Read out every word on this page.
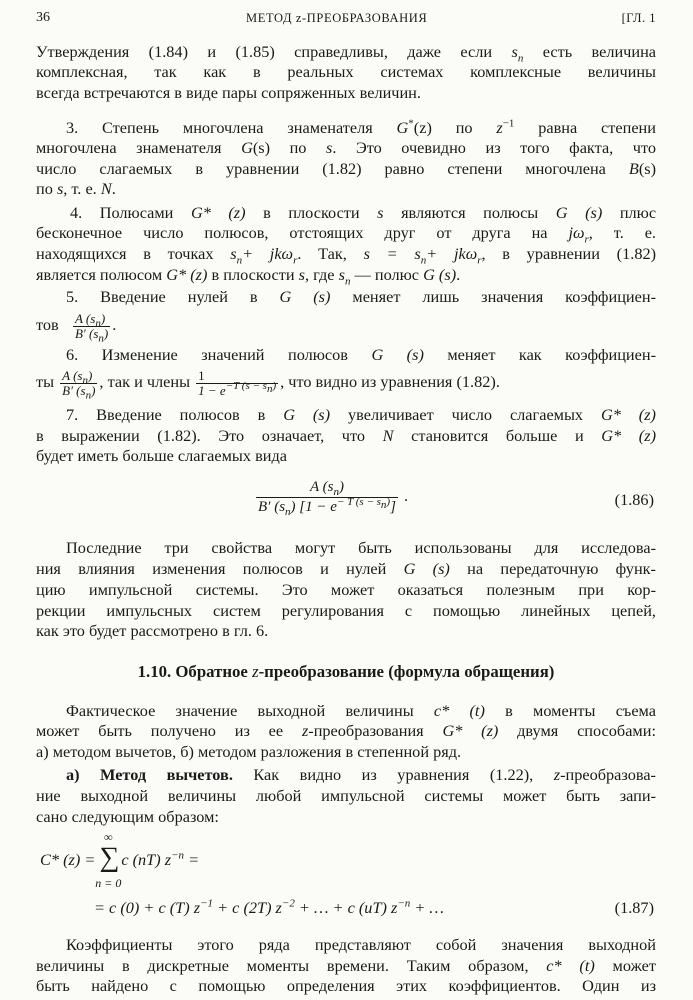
36	МЕТОД z-ПРЕОБРАЗОВАНИЯ	[ГЛ. 1
Утверждения (1.84) и (1.85) справедливы, даже если $s_n$ есть величина
комплексная, так как в реальных системах комплексные величины
всегда встречаются в виде пары сопряженных величин.
3. Степень многочлена знаменателя G*(z) по $z^{-1}$ равна степени
многочлена знаменателя G(s) по s. Это очевидно из того факта, что
число слагаемых в уравнении (1.82) равно степени многочлена B(s)
по s, т. е. N.
4. Полюсами G* (z) в плоскости s являются полюсы G (s) плюс
бесконечное число полюсов, отстоящих друг от друга на $j\omega_r$, т. е.
находящихся в точках $s_n+ jk\omega_r$. Так, $s = s_n+ jk\omega_r$, в уравнении (1.82)
является полюсом G* (z) в плоскости s, где $s_n$ — полюс G (s).
5. Введение нулей в G (s) меняет лишь значения коэффициен-
тов $\frac{A (s_n)}{B' (s_n)}$ .
6. Изменение значений полюсов G (s) меняет как коэффициен-
ты $\frac{A (s_n)}{B' (s_n)}$ , так и члены $\frac{1}{1 - e^{-T (s - s_n)}}$ , что видно из уравнения (1.82).
7. Введение полюсов в G (s) увеличивает число слагаемых G* (z)
в выражении (1.82). Это означает, что N становится больше и G* (z)
будет иметь больше слагаемых вида
$\frac{A (s_n)}{B' (s_n) [1 - e^{- T (s - s_n)}]}$ .	(1.86)
Последние три свойства могут быть использованы для исследова-
ния влияния изменения полюсов и нулей G (s) на передаточную функ-
цию импульсной системы. Это может оказаться полезным при кор-
рекции импульсных систем регулирования с помощью линейных цепей,
как это будет рассмотрено в гл. 6.
1.10. Обратное z-преобразование (формула обращения)
Фактическое значение выходной величины c* (t) в моменты съема
может быть получено из ее z-преобразования G* (z) двумя способами:
а) методом вычетов, б) методом разложения в степенной ряд.
а) Метод вычетов. Как видно из уравнения (1.22), z-преобразова-
ние выходной величины любой импульсной системы может быть запи-
сано следующим образом:
C* (z) =
∞
∑
n = 0
c (nT) $z^{-n}$ =
= c (0) + c (T) $z^{-1} + c$ (2T) $z^{-2}$ + … + c (uT) $z^{-n}$ + …	(1.87)
Коэффициенты этого ряда представляют собой значения выходной
величины в дискретные моменты времени. Таким образом, c* (t) может
быть найдено с помощью определения этих коэффициентов. Один из
